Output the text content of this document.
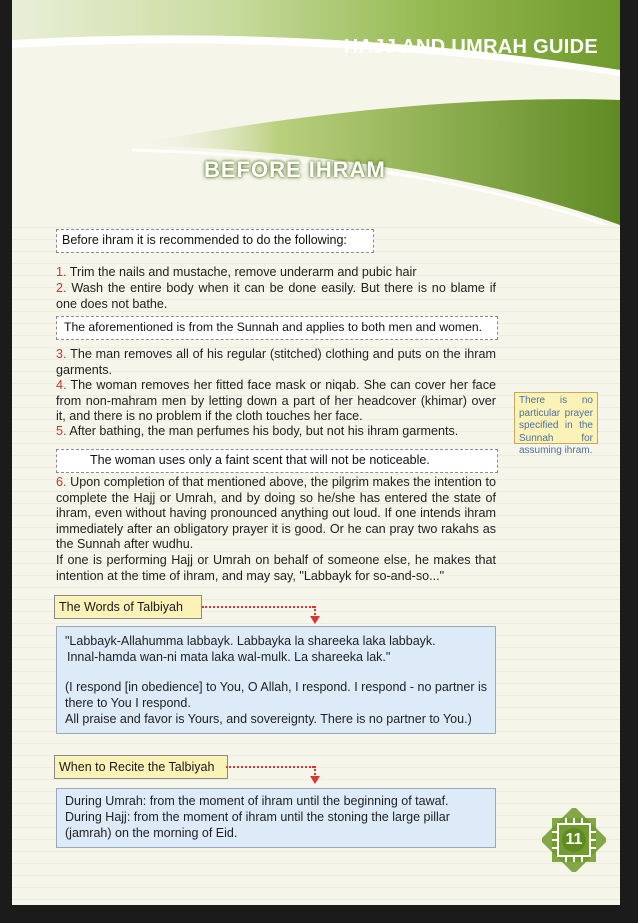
HAJJ AND UMRAH GUIDE
BEFORE IHRAM
Before ihram it is recommended to do the following:
1. Trim the nails and mustache, remove underarm and pubic hair
2. Wash the entire body when it can be done easily. But there is no blame if one does not bathe.
The aforementioned is from the Sunnah and applies to both men and women.
3. The man removes all of his regular (stitched) clothing and puts on the ihram garments.
4. The woman removes her fitted face mask or niqab. She can cover her face from non-mahram men by letting down a part of her headcover (khimar) over it, and there is no problem if the cloth touches her face.
5. After bathing, the man perfumes his body, but not his ihram garments.
There is no particular prayer specified in the Sunnah for assuming ihram.
The woman uses only a faint scent that will not be noticeable.
6. Upon completion of that mentioned above, the pilgrim makes the intention to complete the Hajj or Umrah, and by doing so he/she has entered the state of ihram, even without having pronounced anything out loud. If one intends ihram immediately after an obligatory prayer it is good. Or he can pray two rakahs as the Sunnah after wudhu.
If one is performing Hajj or Umrah on behalf of someone else, he makes that intention at the time of ihram, and may say, "Labbayk for so-and-so..."
The Words of Talbiyah
"Labbayk-Allahumma labbayk. Labbayka la shareeka laka labbayk.
Innal-hamda wan-ni mata laka wal-mulk. La shareeka lak."
(I respond [in obedience] to You, O Allah, I respond. I respond - no partner is there to You I respond.
All praise and favor is Yours, and sovereignty. There is no partner to You.)
When to Recite the Talbiyah
During Umrah: from the moment of ihram until the beginning of tawaf.
During Hajj: from the moment of ihram until the stoning the large pillar (jamrah) on the morning of Eid.	11
